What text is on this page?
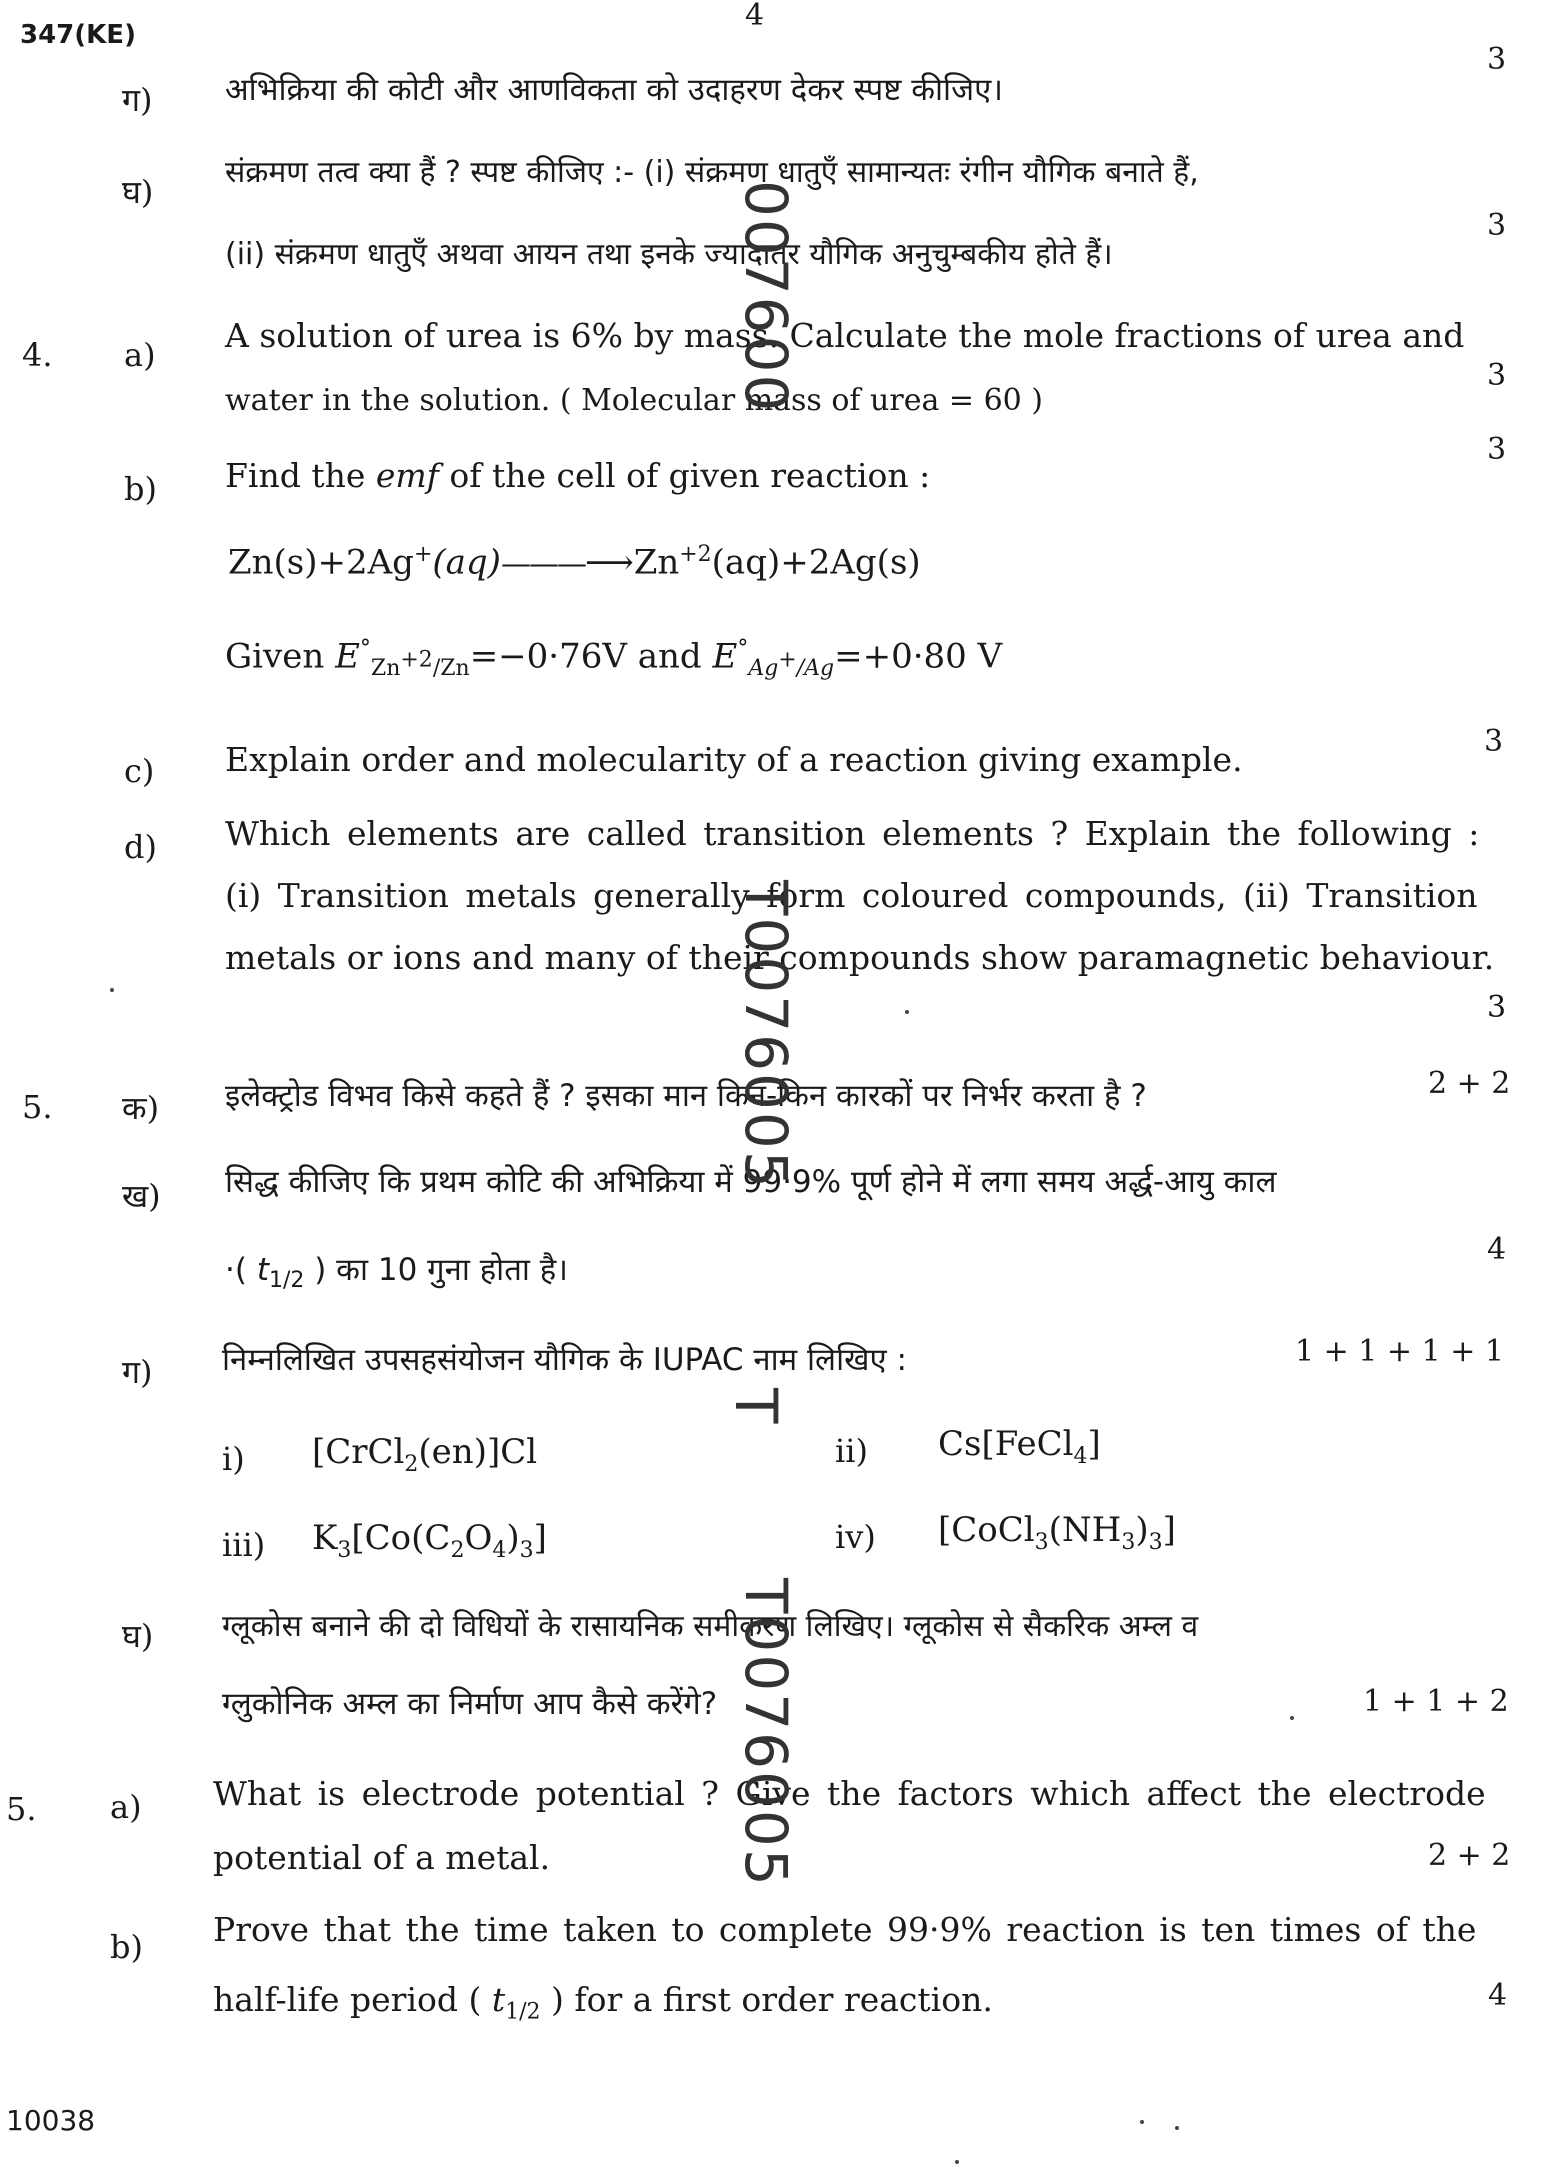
347(KE)
4
ग) अभिक्रिया की कोटी और आणविकता को उदाहरण देकर स्पष्ट कीजिए।
3
घ)
संक्रमण तत्व क्या हैं ? स्पष्ट कीजिए :- (i) संक्रमण धातुएँ सामान्यतः रंगीन यौगिक बनाते हैं,
(ii) संक्रमण धातुएँ अथवा आयन तथा इनके ज्यादातर यौगिक अनुचुम्बकीय होते हैं।
3
4. a) A solution of urea is 6% by mass. Calculate the mole fractions of urea and
water in the solution. ( Molecular mass of urea = 60 )
3
b) Find the emf of the cell of given reaction :
3
$Zn(s)+2Ag^+(aq)———⟶Zn^{+2}(aq)+2Ag(s)$
Given $E^\circ_{Zn^{+2}/Zn}=-0\cdot 76V$ and $E^\circ_{Ag^+/Ag}=+0\cdot 80$ V
c) Explain order and molecularity of a reaction giving example.	3
d) Which elements are called transition elements ? Explain the following :
(i) Transition metals generally form coloured compounds, (ii) Transition
metals or ions and many of their compounds show paramagnetic behaviour.
3
5. क) इलेक्ट्रोड विभव किसे कहते हैं ? इसका मान किन-किन कारकों पर निर्भर करता है ?	2 + 2
ख) सिद्ध कीजिए कि प्रथम कोटि की अभिक्रिया में 99·9% पूर्ण होने में लगा समय अर्द्ध-आयु काल
·( $t_{1/2}$ ) का 10 गुना होता है।
4
ग) निम्नलिखित उपसहसंयोजन यौगिक के IUPAC नाम लिखिए :	1 + 1 + 1 + 1
i) [CrCl$_2$(en)]Cl	ii) Cs[FeCl$_4$]
iii) $K_3[Co(C_2O_4)_3]$	iv) $[CoCl_3(NH_3)_3]$
घ) ग्लूकोस बनाने की दो विधियों के रासायनिक समीकरण लिखिए। ग्लूकोस से सैकरिक अम्ल व
ग्लुकोनिक अम्ल का निर्माण आप कैसे करेंगे?	1 + 1 + 2
5. a) What is electrode potential ? Give the factors which affect the electrode
potential of a metal.	2 + 2
b) Prove that the time taken to complete 99·9% reaction is ten times of the
half-life period ( $t_{1/2}$ ) for a first order reaction.	4
10038
007600
T0076005
T
T0076005
